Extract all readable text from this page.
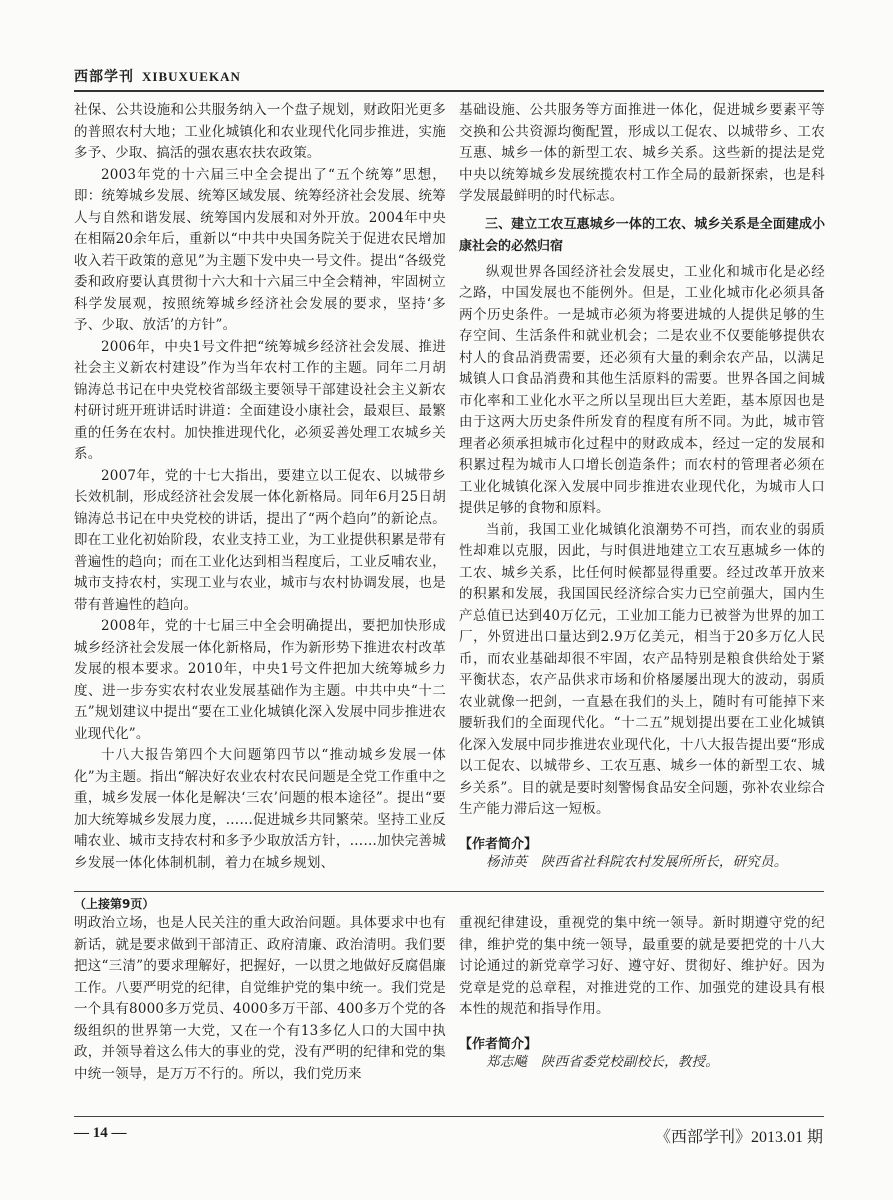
西部学刊 XIBUXUEKAN

社保、公共设施和公共服务纳入一个盘子规划，财政阳光更多的普照农村大地；工业化城镇化和农业现代化同步推进，实施多予、少取、搞活的强农惠农扶农政策。

2003年党的十六届三中全会提出了“五个统筹”思想，即：统筹城乡发展、统筹区域发展、统筹经济社会发展、统筹人与自然和谐发展、统筹国内发展和对外开放。2004年中央在相隔20余年后，重新以“中共中央国务院关于促进农民增加收入若干政策的意见”为主题下发中央一号文件。提出“各级党委和政府要认真贯彻十六大和十六届三中全会精神，牢固树立科学发展观，按照统筹城乡经济社会发展的要求，坚持‘多予、少取、放活’的方针”。

2006年，中央1号文件把“统筹城乡经济社会发展、推进社会主义新农村建设”作为当年农村工作的主题。同年二月胡锦涛总书记在中央党校省部级主要领导干部建设社会主义新农村研讨班开班讲话时讲道：全面建设小康社会，最艰巨、最繁重的任务在农村。加快推进现代化，必须妥善处理工农城乡关系。

2007年，党的十七大指出，要建立以工促农、以城带乡长效机制，形成经济社会发展一体化新格局。同年6月25日胡锦涛总书记在中央党校的讲话，提出了“两个趋向”的新论点。即在工业化初始阶段，农业支持工业，为工业提供积累是带有普遍性的趋向；而在工业化达到相当程度后，工业反哺农业，城市支持农村，实现工业与农业，城市与农村协调发展，也是带有普遍性的趋向。

2008年，党的十七届三中全会明确提出，要把加快形成城乡经济社会发展一体化新格局，作为新形势下推进农村改革发展的根本要求。2010年，中央1号文件把加大统筹城乡力度、进一步夯实农村农业发展基础作为主题。中共中央“十二五”规划建议中提出“要在工业化城镇化深入发展中同步推进农业现代化”。

十八大报告第四个大问题第四节以“推动城乡发展一体化”为主题。指出“解决好农业农村农民问题是全党工作重中之重，城乡发展一体化是解决‘三农’问题的根本途径”。提出“要加大统筹城乡发展力度，……促进城乡共同繁荣。坚持工业反哺农业、城市支持农村和多予少取放活方针，……加快完善城乡发展一体化体制机制，着力在城乡规划、

基础设施、公共服务等方面推进一体化，促进城乡要素平等交换和公共资源均衡配置，形成以工促农、以城带乡、工农互惠、城乡一体的新型工农、城乡关系。这些新的提法是党中央以统筹城乡发展统揽农村工作全局的最新探索，也是科学发展最鲜明的时代标志。

三、建立工农互惠城乡一体的工农、城乡关系是全面建成小康社会的必然归宿

纵观世界各国经济社会发展史，工业化和城市化是必经之路，中国发展也不能例外。但是，工业化城市化必须具备两个历史条件。一是城市必须为将要进城的人提供足够的生存空间、生活条件和就业机会；二是农业不仅要能够提供农村人的食品消费需要，还必须有大量的剩余农产品，以满足城镇人口食品消费和其他生活原料的需要。世界各国之间城市化率和工业化水平之所以呈现出巨大差距，基本原因也是由于这两大历史条件所发育的程度有所不同。为此，城市管理者必须承担城市化过程中的财政成本，经过一定的发展和积累过程为城市人口增长创造条件；而农村的管理者必须在工业化城镇化深入发展中同步推进农业现代化，为城市人口提供足够的食物和原料。

当前，我国工业化城镇化浪潮势不可挡，而农业的弱质性却难以克服，因此，与时俱进地建立工农互惠城乡一体的工农、城乡关系，比任何时候都显得重要。经过改革开放来的积累和发展，我国国民经济综合实力已空前强大，国内生产总值已达到40万亿元，工业加工能力已被誉为世界的加工厂，外贸进出口量达到2.9万亿美元，相当于20多万亿人民币，而农业基础却很不牢固，农产品特别是粮食供给处于紧平衡状态，农产品供求市场和价格屡屡出现大的波动，弱质农业就像一把剑，一直悬在我们的头上，随时有可能掉下来腰斩我们的全面现代化。“十二五”规划提出要在工业化城镇化深入发展中同步推进农业现代化，十八大报告提出要“形成以工促农、以城带乡、工农互惠、城乡一体的新型工农、城乡关系”。目的就是要时刻警惕食品安全问题，弥补农业综合生产能力滞后这一短板。

【作者简介】

杨沛英　陕西省社科院农村发展所所长，研究员。

（上接第9页）

明政治立场，也是人民关注的重大政治问题。具体要求中也有新话，就是要求做到干部清正、政府清廉、政治清明。我们要把这“三清”的要求理解好，把握好，一以贯之地做好反腐倡廉工作。八要严明党的纪律，自觉维护党的集中统一。我们党是一个具有8000多万党员、4000多万干部、400多万个党的各级组织的世界第一大党，又在一个有13多亿人口的大国中执政，并领导着这么伟大的事业的党，没有严明的纪律和党的集中统一领导，是万万不行的。所以，我们党历来

重视纪律建设，重视党的集中统一领导。新时期遵守党的纪律，维护党的集中统一领导，最重要的就是要把党的十八大讨论通过的新党章学习好、遵守好、贯彻好、维护好。因为党章是党的总章程，对推进党的工作、加强党的建设具有根本性的规范和指导作用。

【作者简介】

郑志飚　陕西省委党校副校长，教授。

— 14 —	《西部学刊》2013.01 期
